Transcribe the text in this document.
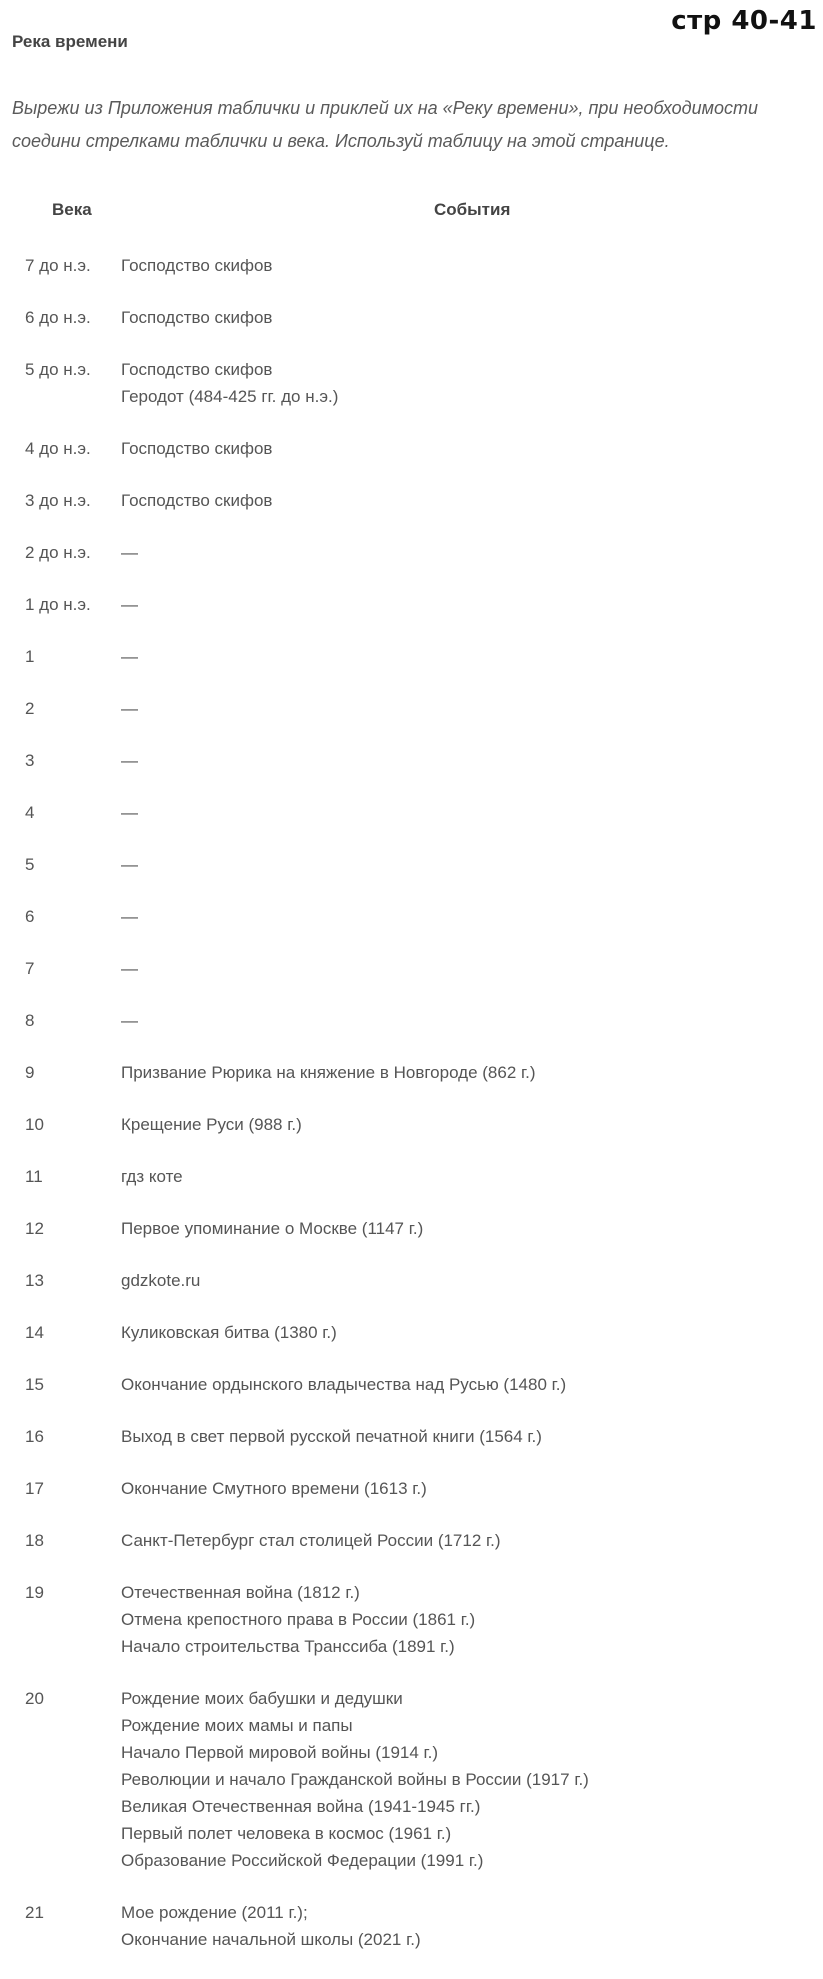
стр 40-41
Река времени
Вырежи из Приложения таблички и приклей их на «Реку времени», при необходимости соедини стрелками таблички и века. Используй таблицу на этой странице.
Века	События
7 до н.э.	Господство скифов
6 до н.э.	Господство скифов
5 до н.э.	Господство скифов
Геродот (484-425 гг. до н.э.)
4 до н.э.	Господство скифов
3 до н.э.	Господство скифов
2 до н.э.	—
1 до н.э.	—
1	—
2	—
3	—
4	—
5	—
6	—
7	—
8	—
9	Призвание Рюрика на княжение в Новгороде (862 г.)
10	Крещение Руси (988 г.)
11	гдз коте
12	Первое упоминание о Москве (1147 г.)
13	gdzkote.ru
14	Куликовская битва (1380 г.)
15	Окончание ордынского владычества над Русью (1480 г.)
16	Выход в свет первой русской печатной книги (1564 г.)
17	Окончание Смутного времени (1613 г.)
18	Санкт-Петербург стал столицей России (1712 г.)
19	Отечественная война (1812 г.)
Отмена крепостного права в России (1861 г.)
Начало строительства Транссиба (1891 г.)
20	Рождение моих бабушки и дедушки
Рождение моих мамы и папы
Начало Первой мировой войны (1914 г.)
Революции и начало Гражданской войны в России (1917 г.)
Великая Отечественная война (1941-1945 гг.)
Первый полет человека в космос (1961 г.)
Образование Российской Федерации (1991 г.)
21	Мое рождение (2011 г.);
Окончание начальной школы (2021 г.)
